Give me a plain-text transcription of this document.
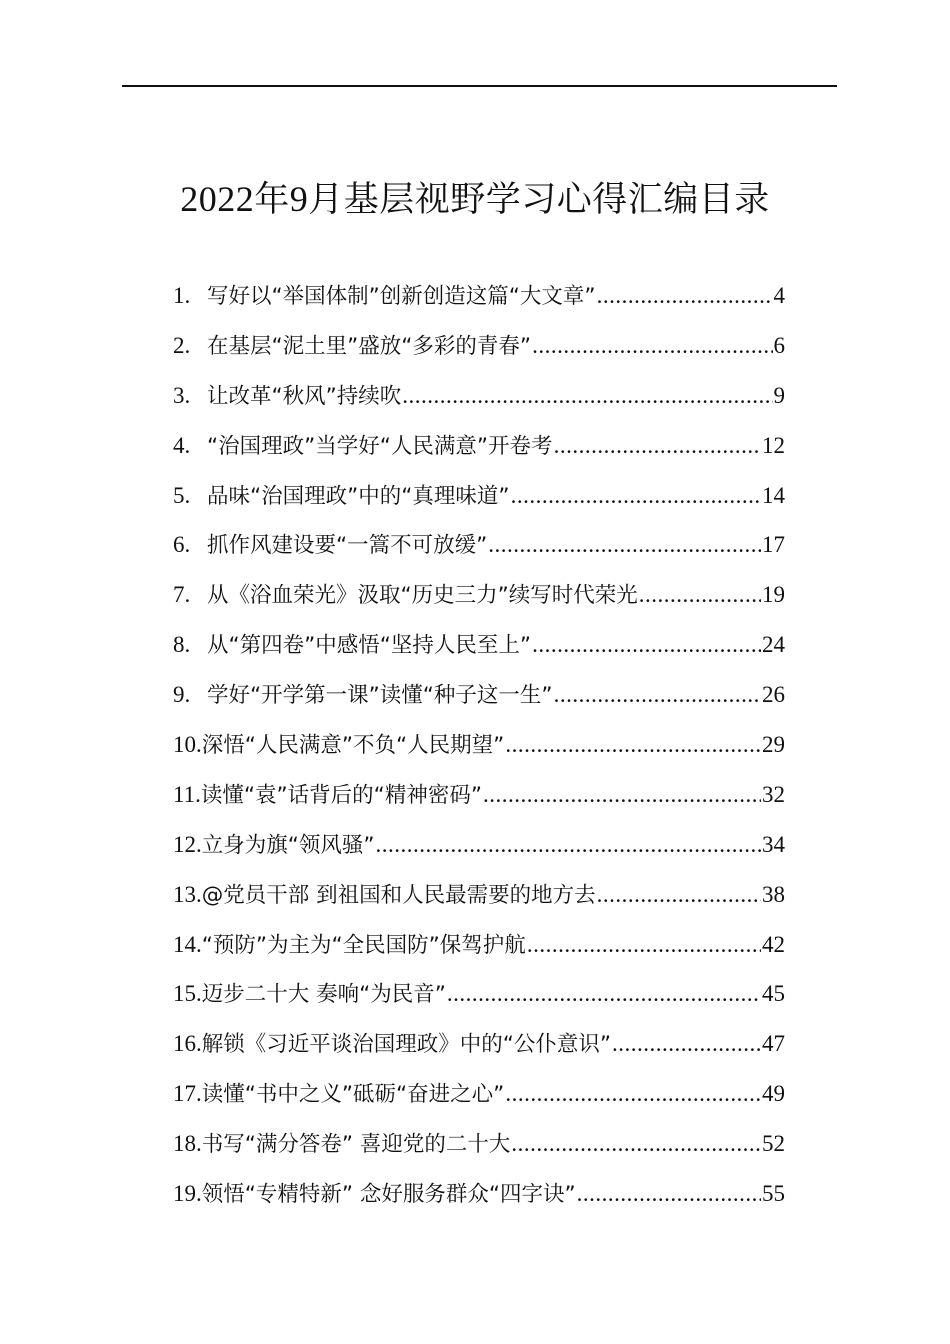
2022年9月基层视野学习心得汇编目录
1. 写好以“举国体制”创新创造这篇“大文章” .....	4
2. 在基层“泥土里”盛放“多彩的青春” .....	6
3. 让改革“秋风”持续吹 .....	9
4. “治国理政”当学好“人民满意”开卷考 .....	12
5. 品味“治国理政”中的“真理味道” .....	14
6. 抓作风建设要“一篙不可放缓” .....	17
7. 从《浴血荣光》汲取“历史三力”续写时代荣光 .....	19
8. 从“第四卷”中感悟“坚持人民至上” .....	24
9. 学好“开学第一课”读懂“种子这一生” .....	26
10. 深悟“人民满意”不负“人民期望” .....	29
11. 读懂“袁”话背后的“精神密码” .....	32
12. 立身为旗“领风骚” .....	34
13. @党员干部 到祖国和人民最需要的地方去 .....	38
14. “预防”为主为“全民国防”保驾护航 .....	42
15. 迈步二十大 奏响“为民音” .....	45
16. 解锁《习近平谈治国理政》中的“公仆意识” .....	47
17. 读懂“书中之义”砥砺“奋进之心” .....	49
18. 书写“满分答卷” 喜迎党的二十大 .....	52
19. 领悟“专精特新” 念好服务群众“四字诀” .....	55
